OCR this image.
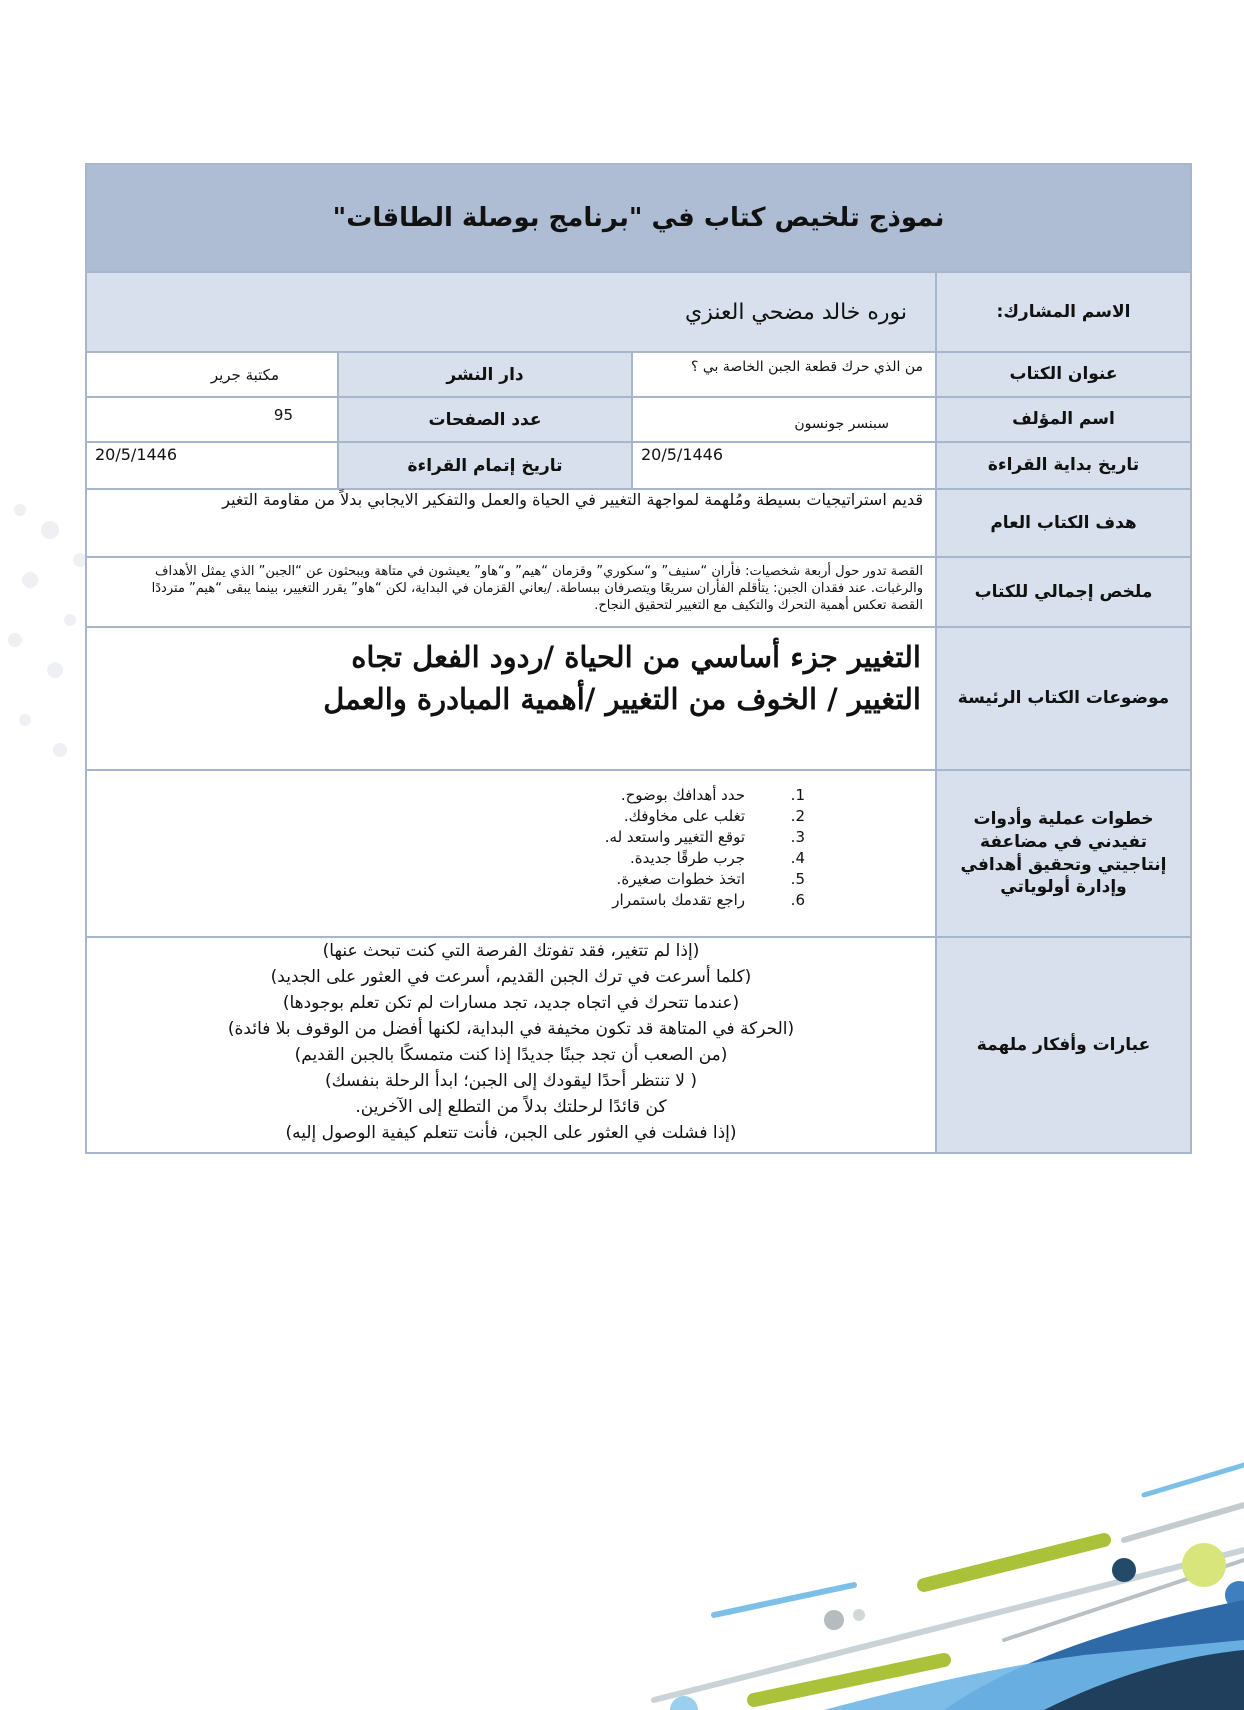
نموذج تلخيص كتاب في "برنامج بوصلة الطاقات"
الاسم المشارك:
نوره خالد مضحي العنزي
عنوان الكتاب
من الذي حرك قطعة الجبن الخاصة بي ؟
دار النشر
مكتبة جرير
اسم المؤلف
سبنسر جونسون
عدد الصفحات
95
تاريخ بداية القراءة
20/5/1446
تاريخ إتمام القراءة
20/5/1446
هدف الكتاب العام
قديم استراتيجيات بسيطة ومُلهمة لمواجهة التغيير في الحياة والعمل والتفكير الايجابي بدلاً من مقاومة التغير
ملخص إجمالي للكتاب
القصة تدور حول أربعة شخصيات: فأران “سنيف” و“سكوري” وقزمان “هيم” و“هاو” يعيشون في متاهة ويبحثون عن “الجبن” الذي يمثل الأهداف
والرغبات. عند فقدان الجبن: يتأقلم الفأران سريعًا ويتصرفان ببساطة. /يعاني القزمان في البداية، لكن “هاو” يقرر التغيير، بينما يبقى “هيم” مترددًا
القصة تعكس أهمية التحرك والتكيف مع التغيير لتحقيق النجاح.
موضوعات الكتاب الرئيسة
التغيير جزء أساسي من الحياة /ردود الفعل تجاه
التغيير / الخوف من التغيير /أهمية المبادرة والعمل
خطوات عملية وأدوات تفيدني في مضاعفة إنتاجيتي وتحقيق أهدافي وإدارة أولوياتي
1.
حدد أهدافك بوضوح.
2.
تغلب على مخاوفك.
3.
توقع التغيير واستعد له.
4.
جرب طرقًا جديدة.
5.
اتخذ خطوات صغيرة.
6.
راجع تقدمك باستمرار
عبارات وأفكار ملهمة
(إذا لم تتغير، فقد تفوتك الفرصة التي كنت تبحث عنها)
(كلما أسرعت في ترك الجبن القديم، أسرعت في العثور على الجديد)
(عندما تتحرك في اتجاه جديد، تجد مسارات لم تكن تعلم بوجودها)
(الحركة في المتاهة قد تكون مخيفة في البداية، لكنها أفضل من الوقوف بلا فائدة)
(من الصعب أن تجد جبنًا جديدًا إذا كنت متمسكًا بالجبن القديم)
( لا تنتظر أحدًا ليقودك إلى الجبن؛ ابدأ الرحلة بنفسك)
كن قائدًا لرحلتك بدلاً من التطلع إلى الآخرين.
(إذا فشلت في العثور على الجبن، فأنت تتعلم كيفية الوصول إليه)
